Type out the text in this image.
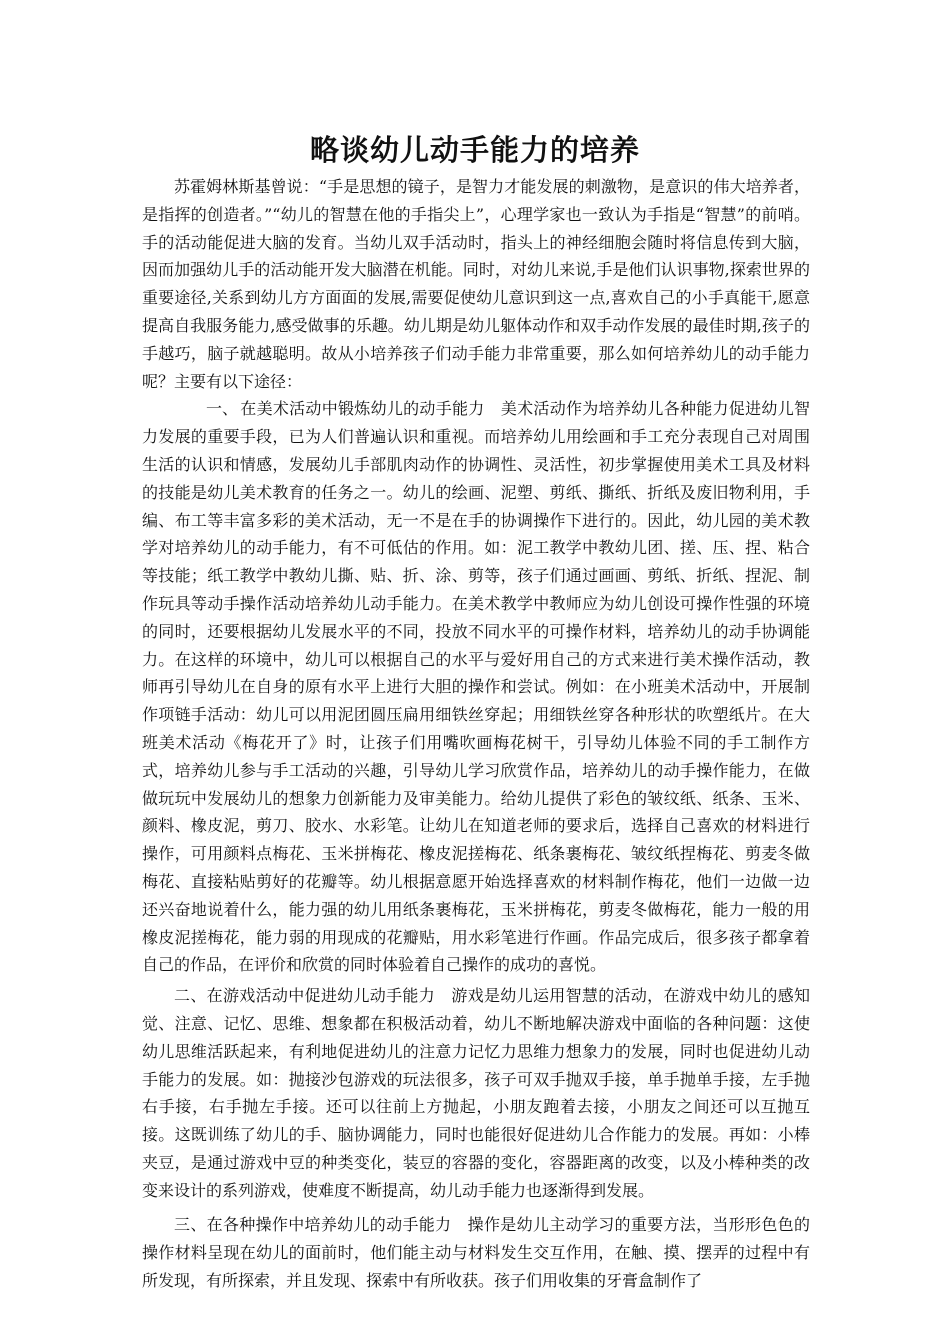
略谈幼儿动手能力的培养

苏霍姆林斯基曾说：“手是思想的镜子，是智力才能发展的刺激物，是意识的伟大培养者，是指挥的创造者。”“幼儿的智慧在他的手指尖上”，心理学家也一致认为手指是“智慧”的前哨。手的活动能促进大脑的发育。当幼儿双手活动时，指头上的神经细胞会随时将信息传到大脑，因而加强幼儿手的活动能开发大脑潜在机能。同时，对幼儿来说,手是他们认识事物,探索世界的重要途径,关系到幼儿方方面面的发展,需要促使幼儿意识到这一点,喜欢自己的小手真能干,愿意提高自我服务能力,感受做事的乐趣。幼儿期是幼儿躯体动作和双手动作发展的最佳时期,孩子的手越巧，脑子就越聪明。故从小培养孩子们动手能力非常重要，那么如何培养幼儿的动手能力呢？主要有以下途径：

一、 在美术活动中锻炼幼儿的动手能力　美术活动作为培养幼儿各种能力促进幼儿智力发展的重要手段，已为人们普遍认识和重视。而培养幼儿用绘画和手工充分表现自己对周围生活的认识和情感，发展幼儿手部肌肉动作的协调性、灵活性，初步掌握使用美术工具及材料的技能是幼儿美术教育的任务之一。幼儿的绘画、泥塑、剪纸、撕纸、折纸及废旧物利用，手编、布工等丰富多彩的美术活动，无一不是在手的协调操作下进行的。因此，幼儿园的美术教学对培养幼儿的动手能力，有不可低估的作用。如：泥工教学中教幼儿团、搓、压、捏、粘合等技能；纸工教学中教幼儿撕、贴、折、涂、剪等，孩子们通过画画、剪纸、折纸、捏泥、制作玩具等动手操作活动培养幼儿动手能力。在美术教学中教师应为幼儿创设可操作性强的环境的同时，还要根据幼儿发展水平的不同，投放不同水平的可操作材料，培养幼儿的动手协调能力。在这样的环境中，幼儿可以根据自己的水平与爱好用自己的方式来进行美术操作活动，教师再引导幼儿在自身的原有水平上进行大胆的操作和尝试。例如：在小班美术活动中，开展制作项链手活动：幼儿可以用泥团圆压扁用细铁丝穿起；用细铁丝穿各种形状的吹塑纸片。在大班美术活动《梅花开了》时，让孩子们用嘴吹画梅花树干，引导幼儿体验不同的手工制作方式，培养幼儿参与手工活动的兴趣，引导幼儿学习欣赏作品，培养幼儿的动手操作能力，在做做玩玩中发展幼儿的想象力创新能力及审美能力。给幼儿提供了彩色的皱纹纸、纸条、玉米、颜料、橡皮泥，剪刀、胶水、水彩笔。让幼儿在知道老师的要求后，选择自己喜欢的材料进行操作，可用颜料点梅花、玉米拼梅花、橡皮泥搓梅花、纸条裹梅花、皱纹纸捏梅花、剪麦冬做梅花、直接粘贴剪好的花瓣等。幼儿根据意愿开始选择喜欢的材料制作梅花，他们一边做一边还兴奋地说着什么，能力强的幼儿用纸条裹梅花，玉米拼梅花，剪麦冬做梅花，能力一般的用橡皮泥搓梅花，能力弱的用现成的花瓣贴，用水彩笔进行作画。作品完成后，很多孩子都拿着自己的作品，在评价和欣赏的同时体验着自己操作的成功的喜悦。

二、在游戏活动中促进幼儿动手能力　游戏是幼儿运用智慧的活动，在游戏中幼儿的感知觉、注意、记忆、思维、想象都在积极活动着，幼儿不断地解决游戏中面临的各种问题：这使幼儿思维活跃起来，有利地促进幼儿的注意力记忆力思维力想象力的发展，同时也促进幼儿动手能力的发展。如：抛接沙包游戏的玩法很多，孩子可双手抛双手接，单手抛单手接，左手抛右手接，右手抛左手接。还可以往前上方抛起，小朋友跑着去接，小朋友之间还可以互抛互接。这既训练了幼儿的手、脑协调能力，同时也能很好促进幼儿合作能力的发展。再如：小棒夹豆，是通过游戏中豆的种类变化，装豆的容器的变化，容器距离的改变，以及小棒种类的改变来设计的系列游戏，使难度不断提高，幼儿动手能力也逐渐得到发展。

三、在各种操作中培养幼儿的动手能力　操作是幼儿主动学习的重要方法，当形形色色的操作材料呈现在幼儿的面前时，他们能主动与材料发生交互作用，在触、摸、摆弄的过程中有所发现，有所探索，并且发现、探索中有所收获。孩子们用收集的牙膏盒制作了
